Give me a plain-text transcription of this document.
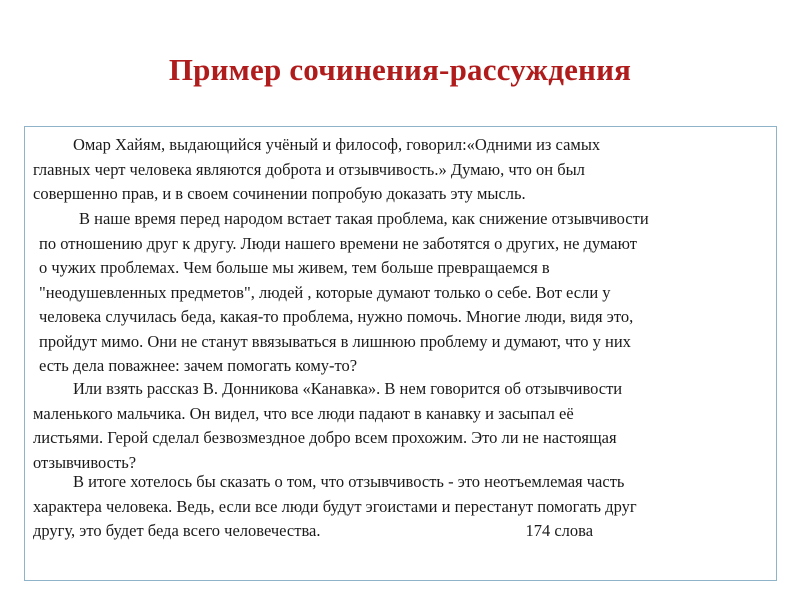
Пример сочинения-рассуждения
Омар Хайям, выдающийся учёный и философ, говорил:«Одними из самых
главных черт человека являются доброта и отзывчивость.» Думаю, что он был
совершенно прав, и в своем сочинении попробую доказать эту мысль.
В наше время перед народом встает такая проблема, как снижение отзывчивости
по отношению друг к другу. Люди нашего времени не заботятся о других, не думают
о чужих проблемах. Чем больше мы живем, тем больше превращаемся в
"неодушевленных предметов", людей , которые думают только о себе. Вот если у
человека случилась беда, какая-то проблема, нужно помочь. Многие люди, видя это,
пройдут мимо. Они не станут ввязываться в лишнюю проблему и думают, что у них
есть дела поважнее: зачем помогать кому-то?
Или взять рассказ В. Донникова «Канавка». В нем говорится об отзывчивости
маленького мальчика. Он видел, что все люди падают в канавку и засыпал её
листьями. Герой сделал безвозмездное добро всем прохожим. Это ли не настоящая
отзывчивость?
В итоге хотелось бы сказать о том, что отзывчивость - это неотъемлемая часть
характера человека. Ведь, если все люди будут эгоистами и перестанут помогать друг
другу, это будет беда всего человечества.	174 слова
